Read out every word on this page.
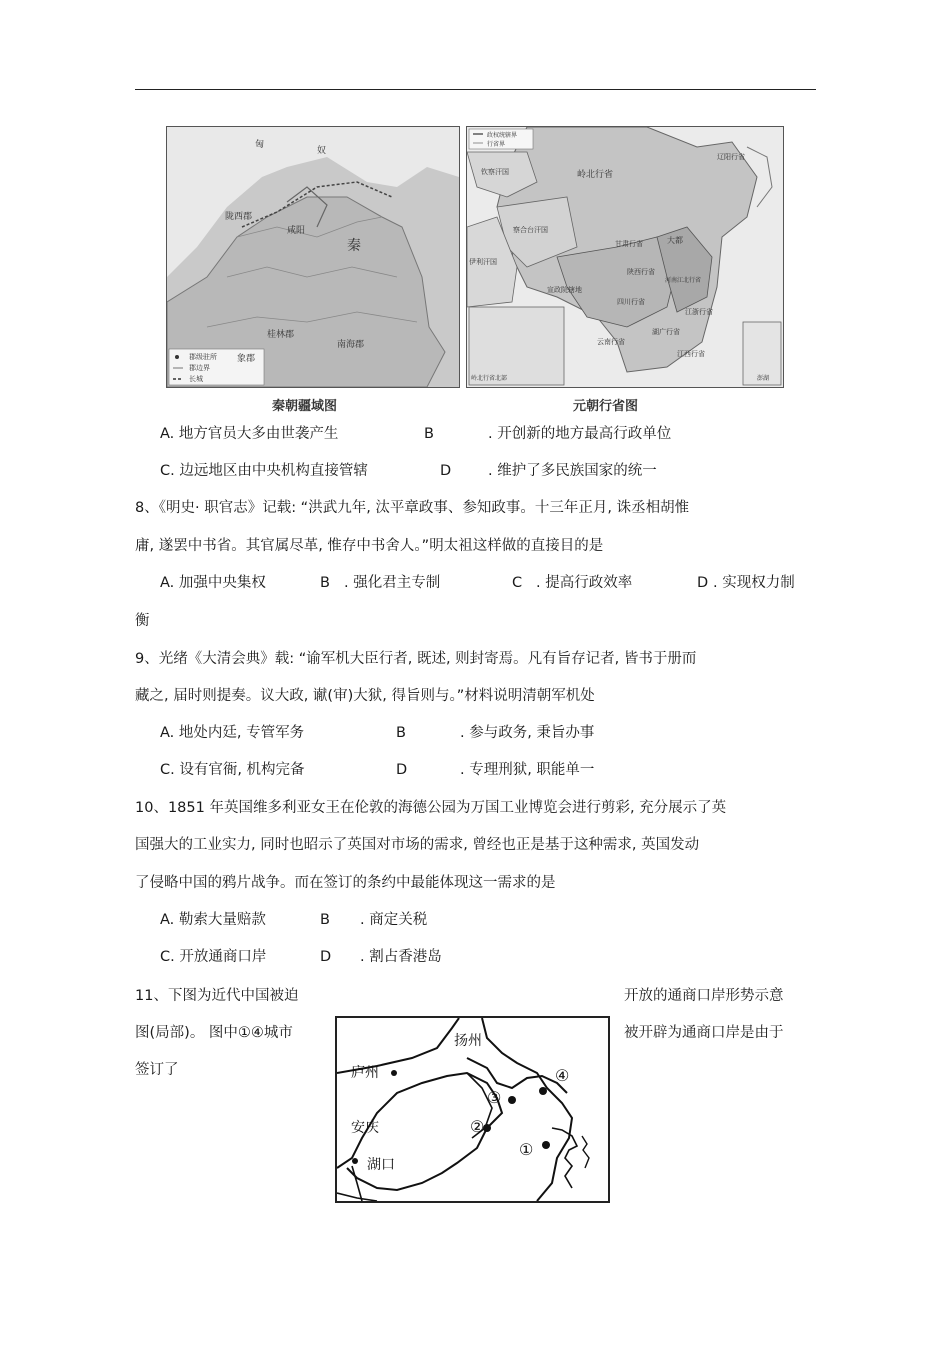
匈
奴
陇西郡
咸阳
秦
桂林郡
象郡
南海郡
郡级驻所
郡边界
长城
秦朝疆域图
政权统辖界
行省界
岭北行省
辽阳行省
钦察汗国
察合台汗国
伊利汗国
甘肃行省	大都
陕西行省
河南江北行省
四川行省
江浙行省
湖广行省
云南行省
江西行省
宣政院辖地
岭北行省北部	澎湖
元朝行省图
A. 地方官员大多由世袭产生	B	. 开创新的地方最高行政单位
C. 边远地区由中央机构直接管辖	D	. 维护了多民族国家的统一
8、《明史· 职官志》记载: “洪武九年, 汰平章政事、参知政事。十三年正月, 诛丞相胡惟
庸, 遂罢中书省。其官属尽革, 惟存中书舍人。”明太祖这样做的直接目的是
A. 加强中央集权	B . 强化君主专制	C . 提高行政效率	D . 实现权力制
衡
9、光绪《大清会典》载: “谕军机大臣行者, 既述, 则封寄焉。凡有旨存记者, 皆书于册而
藏之, 届时则提奏。议大政, 谳(审)大狱, 得旨则与。”材料说明清朝军机处
A. 地处内廷, 专管军务	B	. 参与政务, 秉旨办事
C. 设有官衙, 机构完备	D	. 专理刑狱, 职能单一
10、1851 年英国维多利亚女王在伦敦的海德公园为万国工业博览会进行剪彩, 充分展示了英
国强大的工业实力, 同时也昭示了英国对市场的需求, 曾经也正是基于这种需求, 英国发动
了侵略中国的鸦片战争。而在签订的条约中最能体现这一需求的是
A. 勒索大量赔款	B . 商定关税
C. 开放通商口岸	D . 割占香港岛
11、下图为近代中国被迫
图(局部)。 图中①④城市
签订了
开放的通商口岸形势示意
被开辟为通商口岸是由于
扬州
庐州
安庆
湖口
①
②
③
④
